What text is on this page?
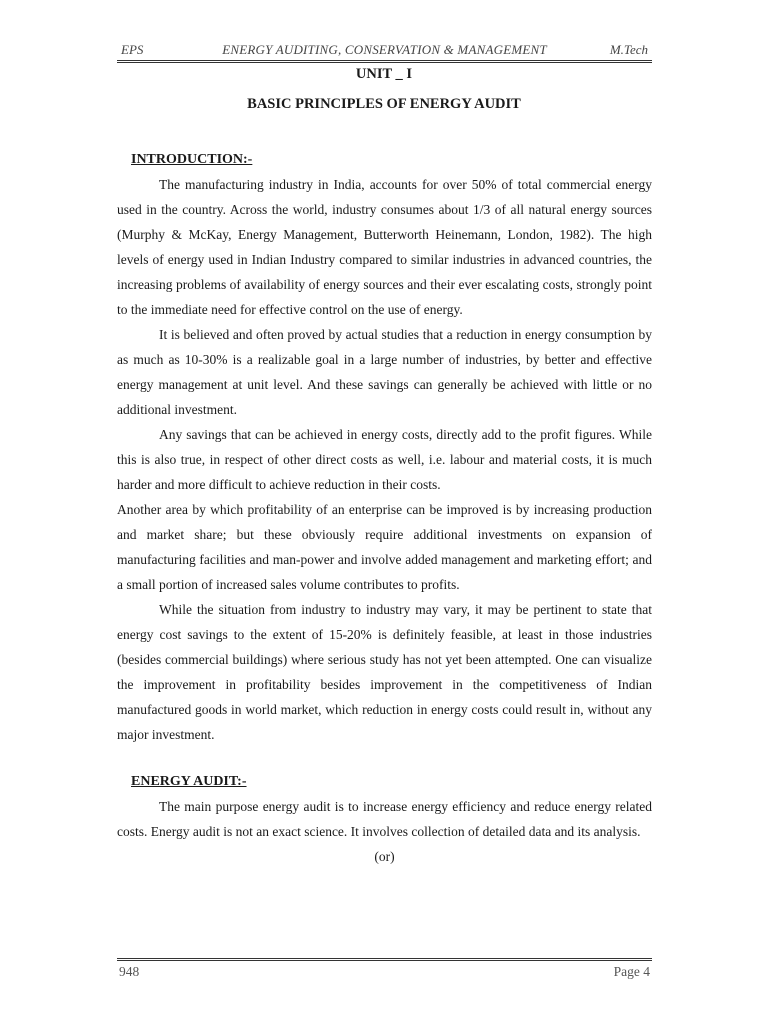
EPS	ENERGY AUDITING, CONSERVATION & MANAGEMENT	M.Tech
UNIT _ I
BASIC PRINCIPLES OF ENERGY AUDIT
INTRODUCTION:-

The manufacturing industry in India, accounts for over 50% of total commercial energy used in the country. Across the world, industry consumes about 1/3 of all natural energy sources (Murphy & McKay, Energy Management, Butterworth Heinemann, London, 1982). The high levels of energy used in Indian Industry compared to similar industries in advanced countries, the increasing problems of availability of energy sources and their ever escalating costs, strongly point to the immediate need for effective control on the use of energy.

It is believed and often proved by actual studies that a reduction in energy consumption by as much as 10-30% is a realizable goal in a large number of industries, by better and effective energy management at unit level. And these savings can generally be achieved with little or no additional investment.

Any savings that can be achieved in energy costs, directly add to the profit figures. While this is also true, in respect of other direct costs as well, i.e. labour and material costs, it is much harder and more difficult to achieve reduction in their costs.

Another area by which profitability of an enterprise can be improved is by increasing production and market share; but these obviously require additional investments on expansion of manufacturing facilities and man-power and involve added management and marketing effort; and a small portion of increased sales volume contributes to profits.

While the situation from industry to industry may vary, it may be pertinent to state that energy cost savings to the extent of 15-20% is definitely feasible, at least in those industries (besides commercial buildings) where serious study has not yet been attempted. One can visualize the improvement in profitability besides improvement in the competitiveness of Indian manufactured goods in world market, which reduction in energy costs could result in, without any major investment.

ENERGY AUDIT:-

The main purpose energy audit is to increase energy efficiency and reduce energy related costs. Energy audit is not an exact science. It involves collection of detailed data and its analysis.

(or)

948	Page 4
